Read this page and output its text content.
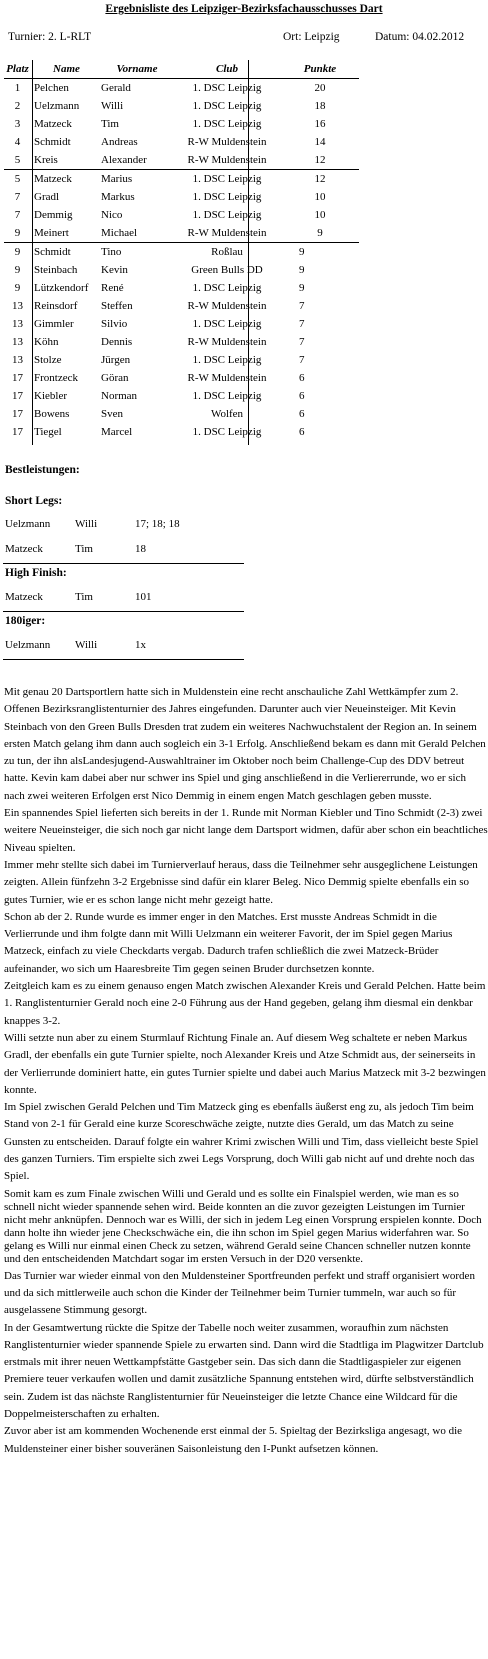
Ergebnisliste des Leipziger-Bezirksfachausschusses Dart
Turnier: 2. L-RLT	Ort: Leipzig	Datum: 04.02.2012
Platz	Name	Vorname	Club	Punkte
1	Pelchen	Gerald	1. DSC Leipzig	20
2	Uelzmann	Willi	1. DSC Leipzig	18
3	Matzeck	Tim	1. DSC Leipzig	16
4	Schmidt	Andreas	R-W Muldenstein	14
5	Kreis	Alexander	R-W Muldenstein	12
5	Matzeck	Marius	1. DSC Leipzig	12
7	Gradl	Markus	1. DSC Leipzig	10
7	Demmig	Nico	1. DSC Leipzig	10
9	Meinert	Michael	R-W Muldenstein	9
9	Schmidt	Tino	Roßlau	9
9	Steinbach	Kevin	Green Bulls DD	9
9	Lützkendorf	René	1. DSC Leipzig	9
13	Reinsdorf	Steffen	R-W Muldenstein	7
13	Gimmler	Silvio	1. DSC Leipzig	7
13	Köhn	Dennis	R-W Muldenstein	7
13	Stolze	Jürgen	1. DSC Leipzig	7
17	Frontzeck	Göran	R-W Muldenstein	6
17	Kiebler	Norman	1. DSC Leipzig	6
17	Bowens	Sven	Wolfen	6
17	Tiegel	Marcel	1. DSC Leipzig	6
Bestleistungen:
Short Legs:
Uelzmann Willi	17; 18; 18
Matzeck	Tim	18
High Finish:
Matzeck	Tim	101
180iger:
Uelzmann Willi	1x

Mit genau 20 Dartsportlern hatte sich in Muldenstein eine recht anschauliche Zahl Wettkämpfer zum 2. Offenen Bezirksranglistenturnier des Jahres eingefunden. Darunter auch vier Neueinsteiger. Mit Kevin Steinbach von den Green Bulls Dresden trat zudem ein weiteres Nachwuchstalent der Region an. In seinem ersten Match gelang ihm dann auch sogleich ein 3-1 Erfolg. Anschließend bekam es dann mit Gerald Pelchen zu tun, der ihn alsLandesjugend-Auswahltrainer im Oktober noch beim Challenge-Cup des DDV betreut hatte. Kevin kam dabei aber nur schwer ins Spiel und ging anschließend in die Verliererrunde, wo er sich nach zwei weiteren Erfolgen erst Nico Demmig in einem engen Match geschlagen geben musste.

Ein spannendes Spiel lieferten sich bereits in der 1. Runde mit Norman Kiebler und Tino Schmidt (2-3) zwei weitere Neueinsteiger, die sich noch gar nicht lange dem Dartsport widmen, dafür aber schon ein beachtliches Niveau spielten.

Immer mehr stellte sich dabei im Turnierverlauf heraus, dass die Teilnehmer sehr ausgeglichene Leistungen zeigten. Allein fünfzehn 3-2 Ergebnisse sind dafür ein klarer Beleg. Nico Demmig spielte ebenfalls ein so gutes Turnier, wie er es schon lange nicht mehr gezeigt hatte.

Schon ab der 2. Runde wurde es immer enger in den Matches. Erst musste Andreas Schmidt in die Verlierrunde und ihm folgte dann mit Willi Uelzmann ein weiterer Favorit, der im Spiel gegen Marius Matzeck, einfach zu viele Checkdarts vergab. Dadurch trafen schließlich die zwei Matzeck-Brüder aufeinander, wo sich um Haaresbreite Tim gegen seinen Bruder durchsetzen konnte.

Zeitgleich kam es zu einem genauso engen Match zwischen Alexander Kreis und Gerald Pelchen. Hatte beim 1. Ranglistenturnier Gerald noch eine 2-0 Führung aus der Hand gegeben, gelang ihm diesmal ein denkbar knappes 3-2.

Willi setzte nun aber zu einem Sturmlauf Richtung Finale an. Auf diesem Weg schaltete er neben Markus Gradl, der ebenfalls ein gute Turnier spielte, noch Alexander Kreis und Atze Schmidt aus, der seinerseits in der Verlierrunde dominiert hatte, ein gutes Turnier spielte und dabei auch Marius Matzeck mit 3-2 bezwingen konnte.

Im Spiel zwischen Gerald Pelchen und Tim Matzeck ging es ebenfalls äußerst eng zu, als jedoch Tim beim Stand von 2-1 für Gerald eine kurze Scoreschwäche zeigte, nutzte dies Gerald, um das Match zu seine Gunsten zu entscheiden. Darauf folgte ein wahrer Krimi zwischen Willi und Tim, dass vielleicht beste Spiel des ganzen Turniers. Tim erspielte sich zwei Legs Vorsprung, doch Willi gab nicht auf und drehte noch das Spiel.

Somit kam es zum Finale zwischen Willi und Gerald und es sollte ein Finalspiel werden, wie man es so schnell nicht wieder spannende sehen wird. Beide konnten an die zuvor gezeigten Leistungen im Turnier nicht mehr anknüpfen. Dennoch war es Willi, der sich in jedem Leg einen Vorsprung erspielen konnte. Doch dann holte ihn wieder jene Checkschwäche ein, die ihn schon im Spiel gegen Marius widerfahren war. So gelang es Willi nur einmal einen Check zu setzen, während Gerald seine Chancen schneller nutzen konnte und den entscheidenden Matchdart sogar im ersten Versuch in der D20 versenkte.

Das Turnier war wieder einmal von den Muldensteiner Sportfreunden perfekt und straff organisiert worden und da sich mittlerweile auch schon die Kinder der Teilnehmer beim Turnier tummeln, war auch so für ausgelassene Stimmung gesorgt.

In der Gesamtwertung rückte die Spitze der Tabelle noch weiter zusammen, woraufhin zum nächsten Ranglistenturnier wieder spannende Spiele zu erwarten sind. Dann wird die Stadtliga im Plagwitzer Dartclub erstmals mit ihrer neuen Wettkampfstätte Gastgeber sein. Das sich dann die Stadtligaspieler zur eigenen Premiere teuer verkaufen wollen und damit zusätzliche Spannung entstehen wird, dürfte selbstverständlich sein. Zudem ist das nächste Ranglistenturnier für Neueinsteiger die letzte Chance eine Wildcard für die Doppelmeisterschaften zu erhalten.

Zuvor aber ist am kommenden Wochenende erst einmal der 5. Spieltag der Bezirksliga angesagt, wo die Muldensteiner einer bisher souveränen Saisonleistung den I-Punkt aufsetzen können.
